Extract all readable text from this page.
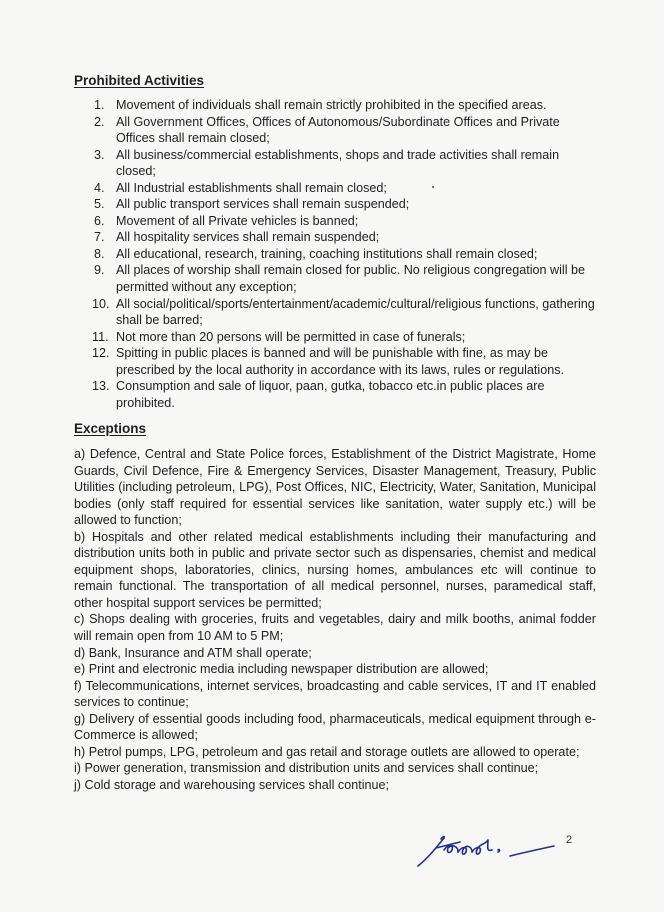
Prohibited Activities
1. Movement of individuals shall remain strictly prohibited in the specified areas.
2. All Government Offices, Offices of Autonomous/Subordinate Offices and Private Offices shall remain closed;
3. All business/commercial establishments, shops and trade activities shall remain closed;
4. All Industrial establishments shall remain closed;
5. All public transport services shall remain suspended;
6. Movement of all Private vehicles is banned;
7. All hospitality services shall remain suspended;
8. All educational, research, training, coaching institutions shall remain closed;
9. All places of worship shall remain closed for public. No religious congregation will be permitted without any exception;
10. All social/political/sports/entertainment/academic/cultural/religious functions, gathering shall be barred;
11. Not more than 20 persons will be permitted in case of funerals;
12. Spitting in public places is banned and will be punishable with fine, as may be prescribed by the local authority in accordance with its laws, rules or regulations.
13. Consumption and sale of liquor, paan, gutka, tobacco etc.in public places are prohibited.
Exceptions

a) Defence, Central and State Police forces, Establishment of the District Magistrate, Home Guards, Civil Defence, Fire & Emergency Services, Disaster Management, Treasury, Public Utilities (including petroleum, LPG), Post Offices, NIC, Electricity, Water, Sanitation, Municipal bodies (only staff required for essential services like sanitation, water supply etc.) will be allowed to function;

b) Hospitals and other related medical establishments including their manufacturing and distribution units both in public and private sector such as dispensaries, chemist and medical equipment shops, laboratories, clinics, nursing homes, ambulances etc will continue to remain functional. The transportation of all medical personnel, nurses, paramedical staff, other hospital support services be permitted;

c) Shops dealing with groceries, fruits and vegetables, dairy and milk booths, animal fodder will remain open from 10 AM to 5 PM;

d) Bank, Insurance and ATM shall operate;

e) Print and electronic media including newspaper distribution are allowed;

f) Telecommunications, internet services, broadcasting and cable services, IT and IT enabled services to continue;

g) Delivery of essential goods including food, pharmaceuticals, medical equipment through e-Commerce is allowed;

h) Petrol pumps, LPG, petroleum and gas retail and storage outlets are allowed to operate;

i) Power generation, transmission and distribution units and services shall continue;

j) Cold storage and warehousing services shall continue;

2
